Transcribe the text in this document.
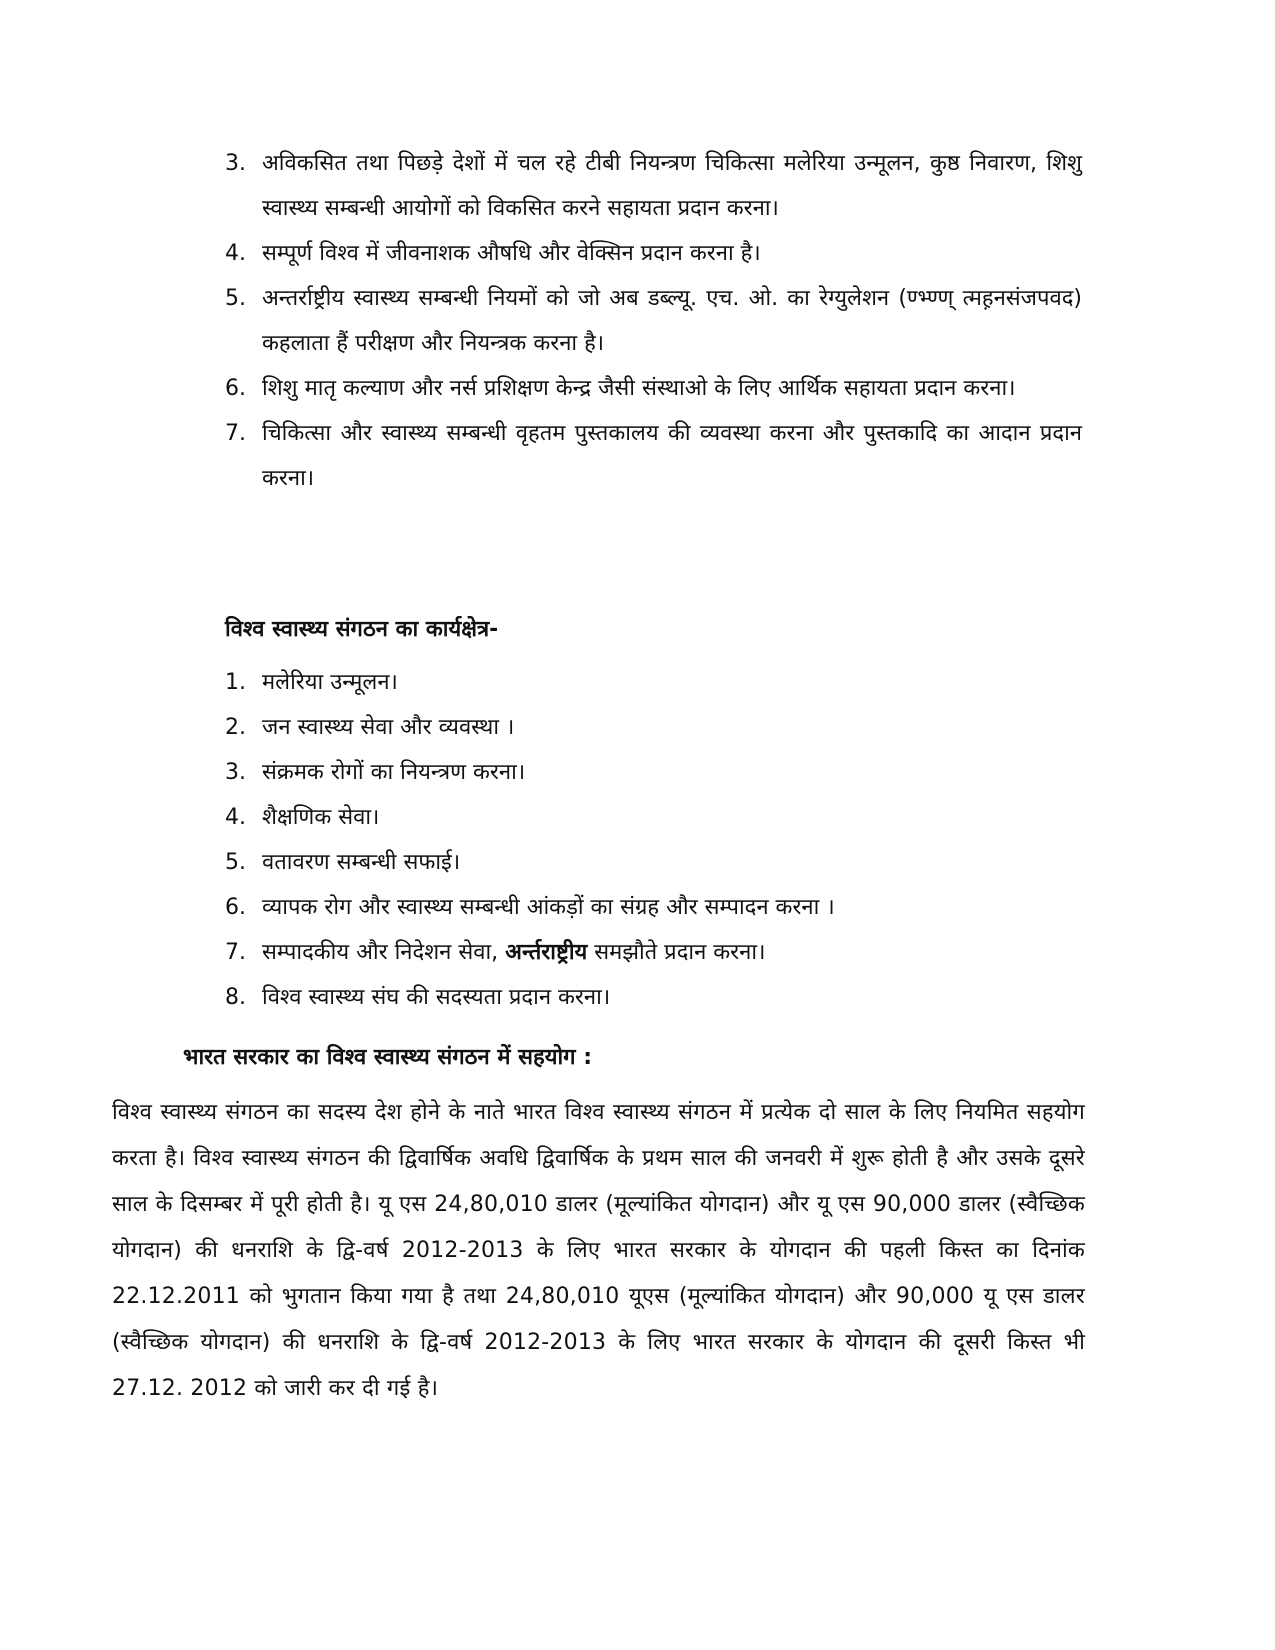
3. अविकसित तथा पिछड़े देशों में चल रहे टीबी नियन्त्रण चिकित्सा मलेरिया उन्मूलन, कुष्ठ निवारण, शिशु स्वास्थ्य सम्बन्धी आयोगों को विकसित करने सहायता प्रदान करना।
4. सम्पूर्ण विश्व में जीवनाशक औषधि और वेक्सिन प्रदान करना है।
5. अन्तर्राष्ट्रीय स्वास्थ्य सम्बन्धी नियमों को जो अब डब्ल्यू. एच. ओ. का रेग्युलेशन (ण्भ्ण्ण् त्मह़नसंजपवद) कहलाता हैं परीक्षण और नियन्त्रक करना है।
6. शिशु मातृ कल्याण और नर्स प्रशिक्षण केन्द्र जैसी संस्थाओ के लिए आर्थिक सहायता प्रदान करना।
7. चिकित्सा और स्वास्थ्य सम्बन्धी वृहतम पुस्तकालय की व्यवस्था करना और पुस्तकादि का आदान प्रदान करना।
विश्व स्वास्थ्य संगठन का कार्यक्षेत्र-
1. मलेरिया उन्मूलन।
2. जन स्वास्थ्य सेवा और व्यवस्था ।
3. संक्रमक रोगों का नियन्त्रण करना।
4. शैक्षणिक सेवा।
5. वतावरण सम्बन्धी सफाई।
6. व्यापक रोग और स्वास्थ्य सम्बन्धी आंकड़ों का संग्रह और सम्पादन करना ।
7. सम्पादकीय और निदेशन सेवा, अर्न्तराष्ट्रीय समझौते प्रदान करना।
8. विश्व स्वास्थ्य संघ की सदस्यता प्रदान करना।
भारत सरकार का विश्व स्वास्थ्य संगठन में सहयोग :
विश्व स्वास्थ्य संगठन का सदस्य देश होने के नाते भारत विश्व स्वास्थ्य संगठन में प्रत्येक दो साल के लिए नियमित सहयोग करता है। विश्व स्वास्थ्य संगठन की द्विवार्षिक अवधि द्विवार्षिक के प्रथम साल की जनवरी में शुरू होती है और उसके दूसरे साल के दिसम्बर में पूरी होती है। यू एस 24,80,010 डालर (मूल्यांकित योगदान) और यू एस 90,000 डालर (स्वैच्छिक योगदान) की धनराशि के द्वि-वर्ष 2012-2013 के लिए भारत सरकार के योगदान की पहली किस्त का दिनांक 22.12.2011 को भुगतान किया गया है तथा 24,80,010 यूएस (मूल्यांकित योगदान) और 90,000 यू एस डालर (स्वैच्छिक योगदान) की धनराशि के द्वि-वर्ष 2012-2013 के लिए भारत सरकार के योगदान की दूसरी किस्त भी 27.12. 2012 को जारी कर दी गई है।
